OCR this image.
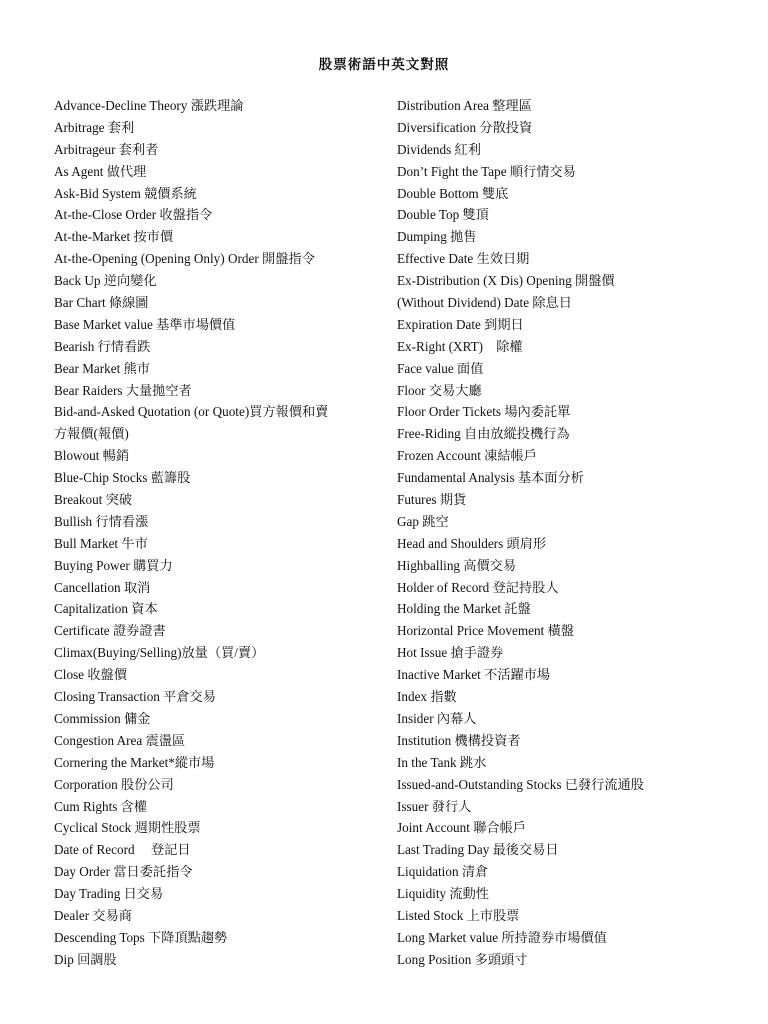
股票術語中英文對照
Advance-Decline Theory 漲跌理論
Arbitrage 套利
Arbitrageur 套利者
As Agent 做代理
Ask-Bid System 競價系統
At-the-Close Order 收盤指令
At-the-Market 按市價
At-the-Opening (Opening Only) Order 開盤指令
Back Up 逆向變化
Bar Chart 條線圖
Base Market value 基準市場價值
Bearish 行情看跌
Bear Market 熊市
Bear Raiders 大量拋空者
Bid-and-Asked Quotation (or Quote)買方報價和賣
方報價(報價)
Blowout 暢銷
Blue-Chip Stocks 藍籌股
Breakout 突破
Bullish 行情看漲
Bull Market 牛市
Buying Power 購買力
Cancellation 取消
Capitalization 資本
Certificate 證券證書
Climax(Buying/Selling)放量（買/賣）
Close 收盤價
Closing Transaction 平倉交易
Commission 傭金
Congestion Area 震盪區
Cornering the Market*縱市場
Corporation 股份公司
Cum Rights 含權
Cyclical Stock 週期性股票
Date of Record　 登記日
Day Order 當日委託指令
Day Trading 日交易
Dealer 交易商
Descending Tops 下降頂點趨勢
Dip 回調股
Distribution Area 整理區
Diversification 分散投資
Dividends 紅利
Don’t Fight the Tape 順行情交易
Double Bottom 雙底
Double Top 雙頂
Dumping 拋售
Effective Date 生效日期
Ex-Distribution (X Dis) Opening 開盤價
(Without Dividend) Date 除息日
Expiration Date 到期日
Ex-Right (XRT)　除權
Face value 面值
Floor 交易大廳
Floor Order Tickets 場內委託單
Free-Riding 自由放縱投機行為
Frozen Account 凍結帳戶
Fundamental Analysis 基本面分析
Futures 期貨
Gap 跳空
Head and Shoulders 頭肩形
Highballing 高價交易
Holder of Record 登記持股人
Holding the Market 託盤
Horizontal Price Movement 橫盤
Hot Issue 搶手證券
Inactive Market 不活躍市場
Index 指數
Insider 內幕人
Institution 機構投資者
In the Tank 跳水
Issued-and-Outstanding Stocks 已發行流通股
Issuer 發行人
Joint Account 聯合帳戶
Last Trading Day 最後交易日
Liquidation 清倉
Liquidity 流動性
Listed Stock 上市股票
Long Market value 所持證券市場價值
Long Position 多頭頭寸
